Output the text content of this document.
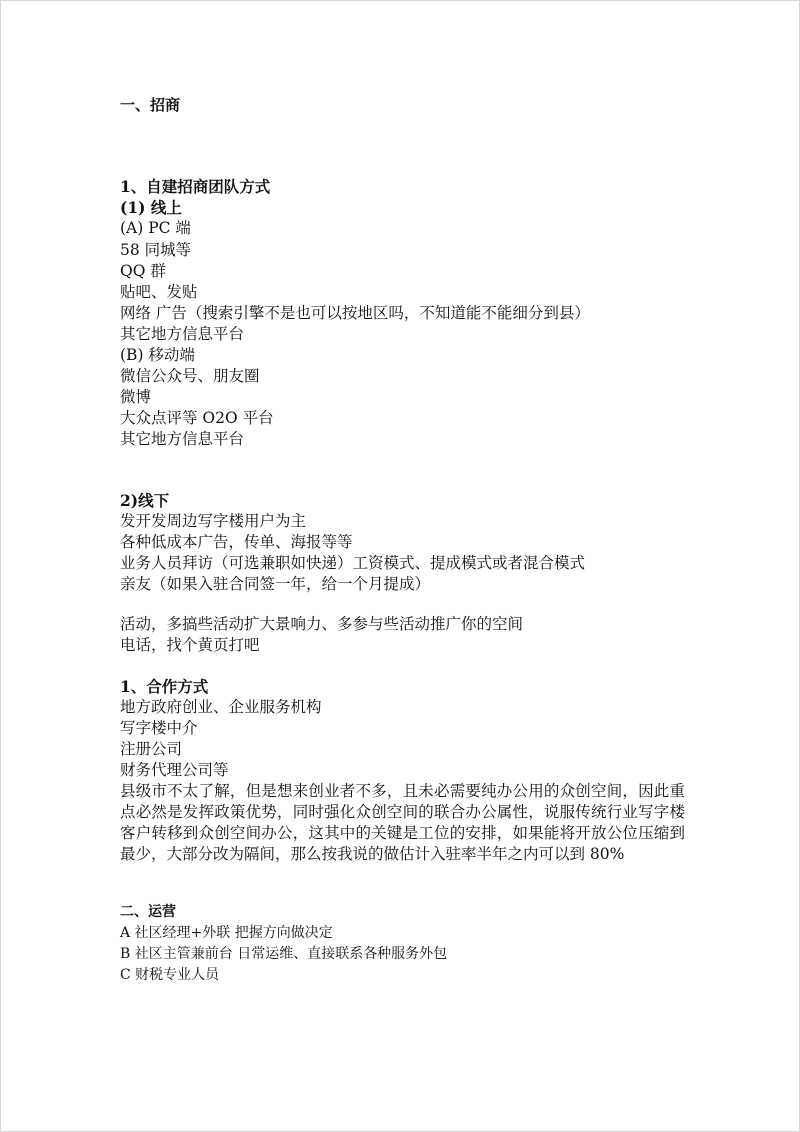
一、招商
1、自建招商团队方式
(1) 线上
(A) PC 端
58 同城等
QQ 群
贴吧、发贴
网络 广告（搜索引擎不是也可以按地区吗，不知道能不能细分到县）
其它地方信息平台
(B) 移动端
微信公众号、朋友圈
微博
大众点评等 O2O 平台
其它地方信息平台
2)线下
发开发周边写字楼用户为主
各种低成本广告，传单、海报等等
业务人员拜访（可选兼职如快递）工资模式、提成模式或者混合模式
亲友（如果入驻合同签一年，给一个月提成）
活动，多搞些活动扩大景响力、多参与些活动推广你的空间
电话，找个黄页打吧
1、合作方式
地方政府创业、企业服务机构
写字楼中介
注册公司
财务代理公司等
县级市不太了解，但是想来创业者不多，且未必需要纯办公用的众创空间，因此重点必然是发挥政策优势，同时强化众创空间的联合办公属性，说服传统行业写字楼客户转移到众创空间办公，这其中的关键是工位的安排，如果能将开放公位压缩到最少，大部分改为隔间，那么按我说的做估计入驻率半年之内可以到 80%
二、运营
A 社区经理+外联 把握方向做决定
B 社区主管兼前台 日常运维、直接联系各种服务外包
C 财税专业人员
